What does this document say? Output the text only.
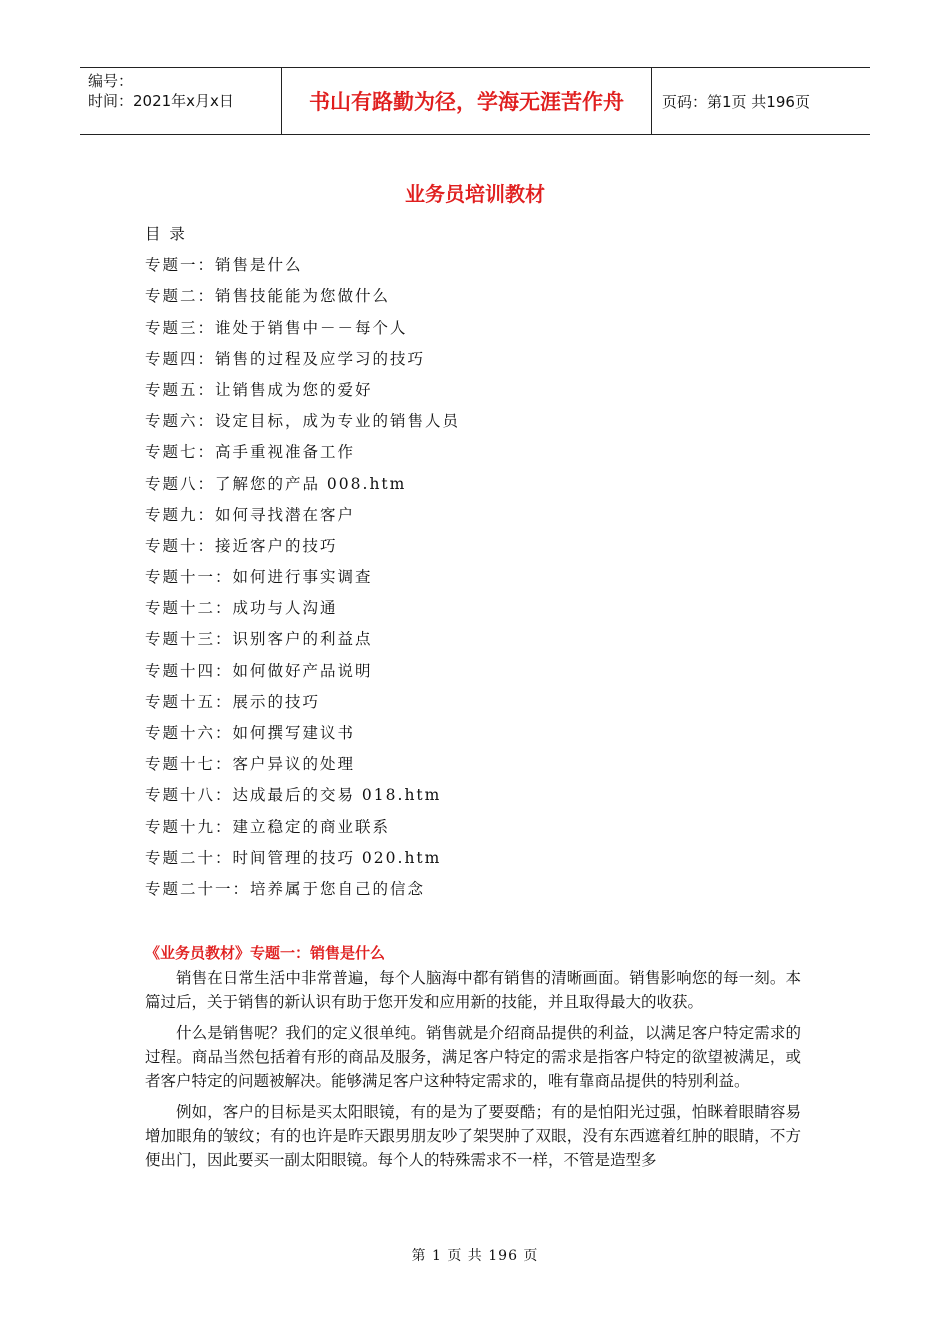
编号：
时间：2021年x月x日	书山有路勤为径，学海无涯苦作舟	页码：第1页 共196页
业务员培训教材
目 录
专题一：销售是什么
专题二：销售技能能为您做什么
专题三：谁处于销售中－－每个人
专题四：销售的过程及应学习的技巧
专题五：让销售成为您的爱好
专题六：设定目标，成为专业的销售人员
专题七：高手重视准备工作
专题八：了解您的产品 008.htm
专题九：如何寻找潜在客户
专题十：接近客户的技巧
专题十一：如何进行事实调查
专题十二：成功与人沟通
专题十三：识别客户的利益点
专题十四：如何做好产品说明
专题十五：展示的技巧
专题十六：如何撰写建议书
专题十七：客户异议的处理
专题十八：达成最后的交易 018.htm
专题十九：建立稳定的商业联系
专题二十：时间管理的技巧 020.htm
专题二十一：培养属于您自己的信念
《业务员教材》专题一：销售是什么

销售在日常生活中非常普遍，每个人脑海中都有销售的清晰画面。销售影响您的每一刻。本篇过后，关于销售的新认识有助于您开发和应用新的技能，并且取得最大的收获。

什么是销售呢？我们的定义很单纯。销售就是介绍商品提供的利益，以满足客户特定需求的过程。商品当然包括着有形的商品及服务，满足客户特定的需求是指客户特定的欲望被满足，或者客户特定的问题被解决。能够满足客户这种特定需求的，唯有靠商品提供的特别利益。

例如，客户的目标是买太阳眼镜，有的是为了要耍酷；有的是怕阳光过强，怕眯着眼睛容易增加眼角的皱纹；有的也许是昨天跟男朋友吵了架哭肿了双眼，没有东西遮着红肿的眼睛，不方便出门，因此要买一副太阳眼镜。每个人的特殊需求不一样，不管是造型多

第 1 页 共 196 页
